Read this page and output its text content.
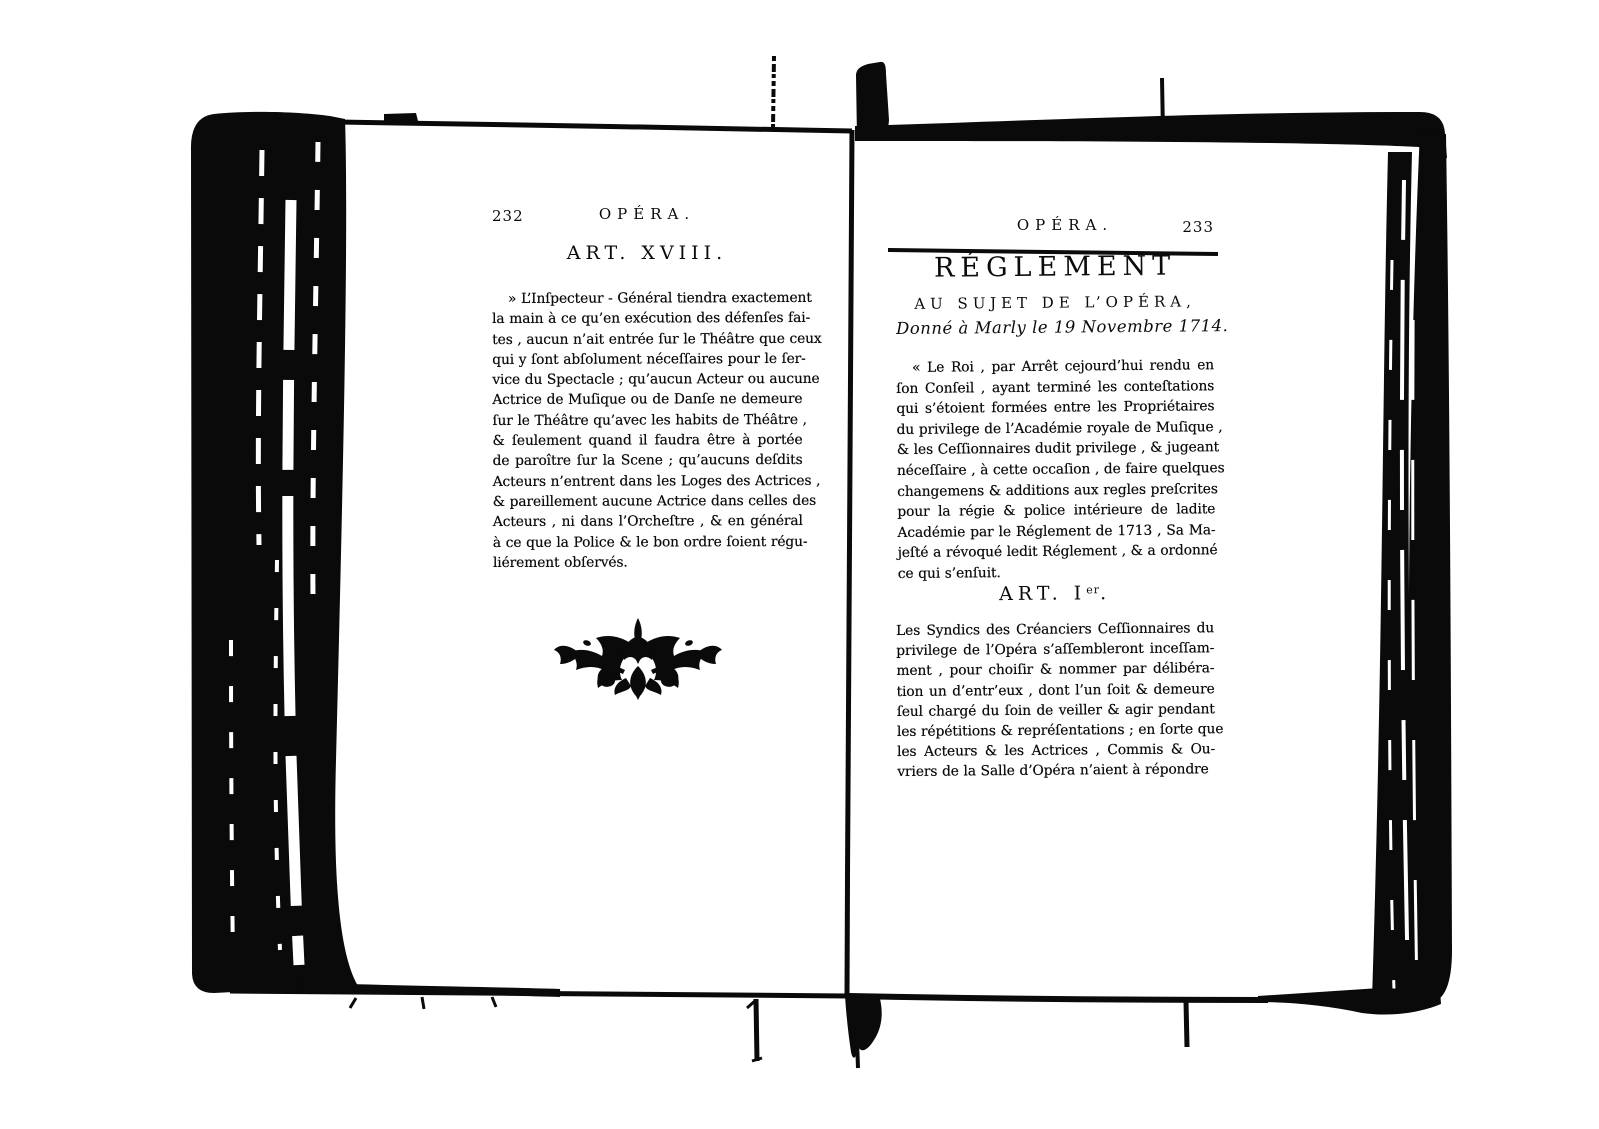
232	OPÉRA.
ART. XVIII.
» L’Inſpecteur - Général tiendra exactement
la main à ce qu’en exécution des défenſes fai-
tes , aucun n’ait entrée ſur le Théâtre que ceux
qui y ſont abſolument néceſſaires pour le ſer-
vice du Spectacle ; qu’aucun Acteur ou aucune
Actrice de Muſique ou de Danſe ne demeure
ſur le Théâtre qu’avec les habits de Théâtre ,
& ſeulement quand il faudra être à portée
de paroître ſur la Scene ; qu’aucuns deſdits
Acteurs n’entrent dans les Loges des Actrices ,
& pareillement aucune Actrice dans celles des
Acteurs , ni dans l’Orcheſtre , & en général
à ce que la Police & le bon ordre ſoient régu-
liérement obſervés.
OPÉRA.	233
RÉGLEMENT
AU SUJET DE L’OPÉRA,
Donné à Marly le 19 Novembre 1714.
« Le Roi , par Arrêt cejourd’hui rendu en
ſon Conſeil , ayant terminé les conteſtations
qui s’étoient formées entre les Propriétaires
du privilege de l’Académie royale de Muſique ,
& les Ceſſionnaires dudit privilege , & jugeant
néceſſaire , à cette occaſion , de faire quelques
changemens & additions aux regles preſcrites
pour la régie & police intérieure de ladite
Académie par le Réglement de 1713 , Sa Ma-
jeſté a révoqué ledit Réglement , & a ordonné
ce qui s’enſuit.
ART. Ier.
Les Syndics des Créanciers Ceſſionnaires du
privilege de l’Opéra s’aſſembleront inceſſam-
ment , pour choiſir & nommer par délibéra-
tion un d’entr’eux , dont l’un ſoit & demeure
ſeul chargé du ſoin de veiller & agir pendant
les répétitions & repréſentations ; en ſorte que
les Acteurs & les Actrices , Commis & Ou-
vriers de la Salle d’Opéra n’aient à répondre
